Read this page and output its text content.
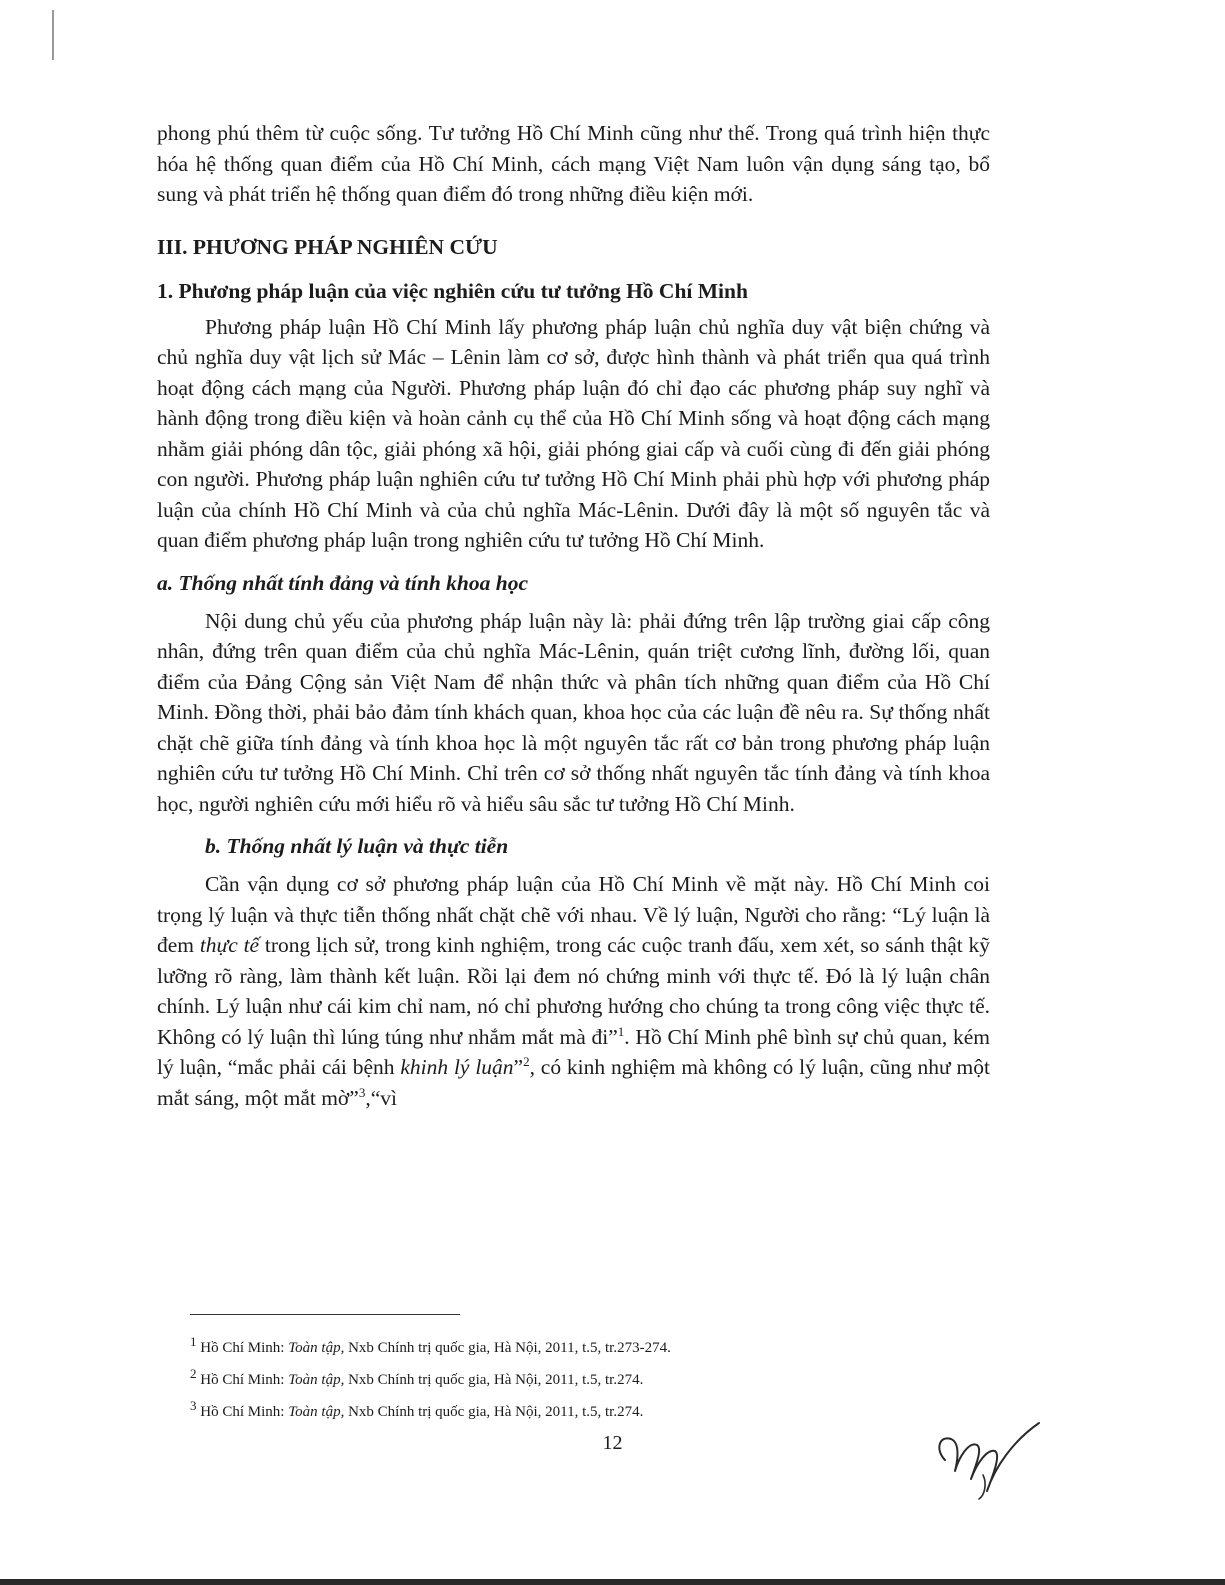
phong phú thêm từ cuộc sống. Tư tưởng Hồ Chí Minh cũng như thế. Trong quá trình hiện thực hóa hệ thống quan điểm của Hồ Chí Minh, cách mạng Việt Nam luôn vận dụng sáng tạo, bổ sung và phát triển hệ thống quan điểm đó trong những điều kiện mới.

III. PHƯƠNG PHÁP NGHIÊN CỨU
1. Phương pháp luận của việc nghiên cứu tư tưởng Hồ Chí Minh

Phương pháp luận Hồ Chí Minh lấy phương pháp luận chủ nghĩa duy vật biện chứng và chủ nghĩa duy vật lịch sử Mác – Lênin làm cơ sở, được hình thành và phát triển qua quá trình hoạt động cách mạng của Người. Phương pháp luận đó chỉ đạo các phương pháp suy nghĩ và hành động trong điều kiện và hoàn cảnh cụ thể của Hồ Chí Minh sống và hoạt động cách mạng nhằm giải phóng dân tộc, giải phóng xã hội, giải phóng giai cấp và cuối cùng đi đến giải phóng con người. Phương pháp luận nghiên cứu tư tưởng Hồ Chí Minh phải phù hợp với phương pháp luận của chính Hồ Chí Minh và của chủ nghĩa Mác-Lênin. Dưới đây là một số nguyên tắc và quan điểm phương pháp luận trong nghiên cứu tư tưởng Hồ Chí Minh.

a. Thống nhất tính đảng và tính khoa học

Nội dung chủ yếu của phương pháp luận này là: phải đứng trên lập trường giai cấp công nhân, đứng trên quan điểm của chủ nghĩa Mác-Lênin, quán triệt cương lĩnh, đường lối, quan điểm của Đảng Cộng sản Việt Nam để nhận thức và phân tích những quan điểm của Hồ Chí Minh. Đồng thời, phải bảo đảm tính khách quan, khoa học của các luận đề nêu ra. Sự thống nhất chặt chẽ giữa tính đảng và tính khoa học là một nguyên tắc rất cơ bản trong phương pháp luận nghiên cứu tư tưởng Hồ Chí Minh. Chỉ trên cơ sở thống nhất nguyên tắc tính đảng và tính khoa học, người nghiên cứu mới hiểu rõ và hiểu sâu sắc tư tưởng Hồ Chí Minh.

b. Thống nhất lý luận và thực tiễn

Cần vận dụng cơ sở phương pháp luận của Hồ Chí Minh về mặt này. Hồ Chí Minh coi trọng lý luận và thực tiễn thống nhất chặt chẽ với nhau. Về lý luận, Người cho rằng: “Lý luận là đem thực tế trong lịch sử, trong kinh nghiệm, trong các cuộc tranh đấu, xem xét, so sánh thật kỹ lưỡng rõ ràng, làm thành kết luận. Rồi lại đem nó chứng minh với thực tế. Đó là lý luận chân chính. Lý luận như cái kim chỉ nam, nó chỉ phương hướng cho chúng ta trong công việc thực tế. Không có lý luận thì lúng túng như nhắm mắt mà đi”$^1$. Hồ Chí Minh phê bình sự chủ quan, kém lý luận, “mắc phải cái bệnh khinh lý luận”$^2$, có kinh nghiệm mà không có lý luận, cũng như một mắt sáng, một mắt mờ”$^3$,“vì

$^1$ Hồ Chí Minh: Toàn tập, Nxb Chính trị quốc gia, Hà Nội, 2011, t.5, tr.273-274.

$^2$ Hồ Chí Minh: Toàn tập, Nxb Chính trị quốc gia, Hà Nội, 2011, t.5, tr.274.

$^3$ Hồ Chí Minh: Toàn tập, Nxb Chính trị quốc gia, Hà Nội, 2011, t.5, tr.274.

12
